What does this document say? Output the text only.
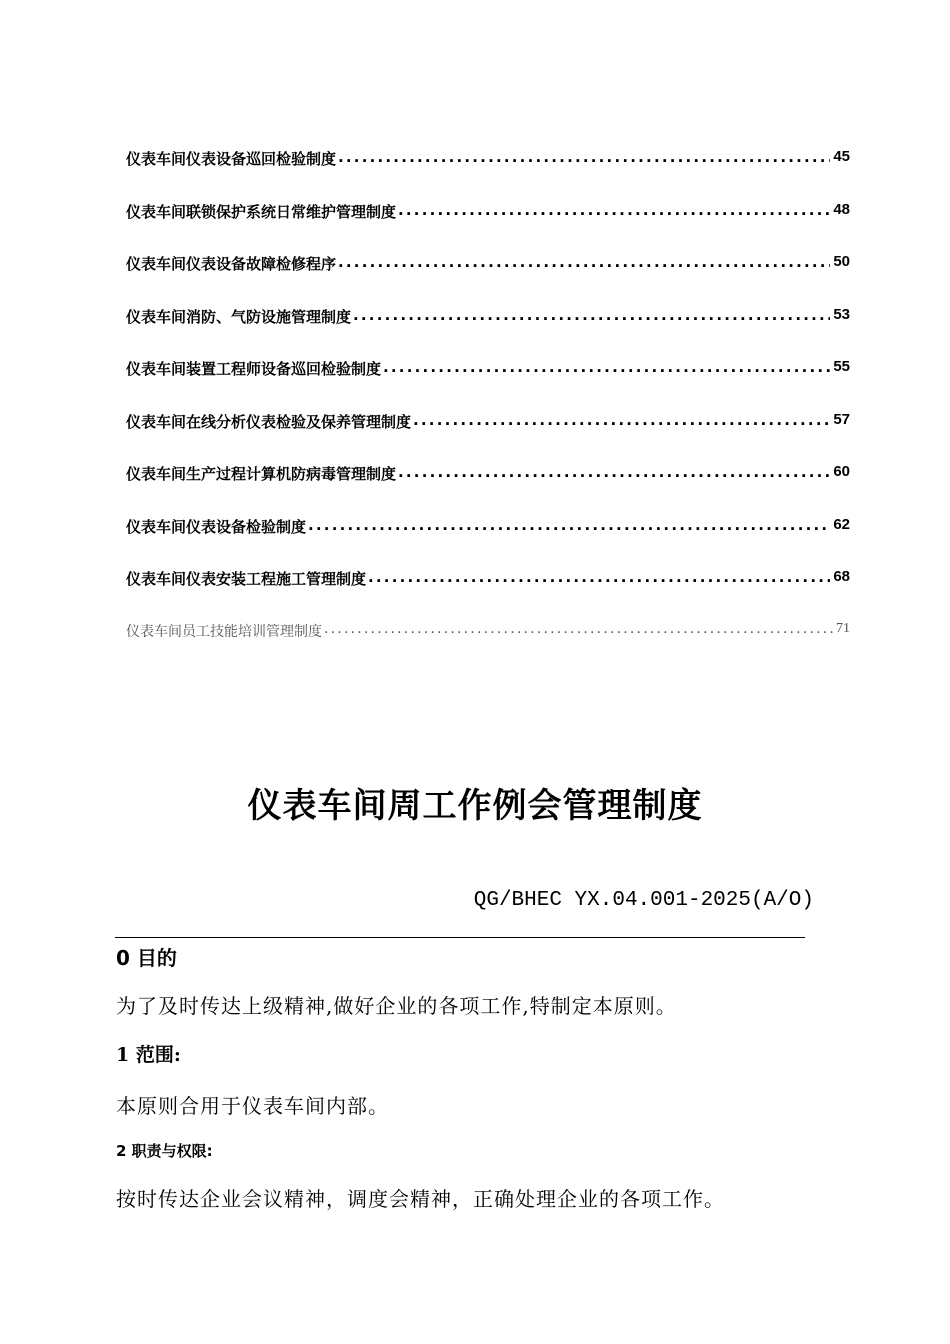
仪表车间仪表设备巡回检验制度 .....	45
仪表车间联锁保护系统日常维护管理制度 .....	48
仪表车间仪表设备故障检修程序 .....	50
仪表车间消防、气防设施管理制度 .....	53
仪表车间装置工程师设备巡回检验制度 .....	55
仪表车间在线分析仪表检验及保养管理制度 .....	57
仪表车间生产过程计算机防病毒管理制度 .....	60
仪表车间仪表设备检验制度 .....	62
仪表车间仪表安装工程施工管理制度 .....	68
仪表车间员工技能培训管理制度 .....	71
仪表车间周工作例会管理制度
QG/BHEC YX.04.001-2025(A/O)
0 目的
为了及时传达上级精神,做好企业的各项工作,特制定本原则。
1 范围:
本原则合用于仪表车间内部。
2 职责与权限:
按时传达企业会议精神，调度会精神，正确处理企业的各项工作。
